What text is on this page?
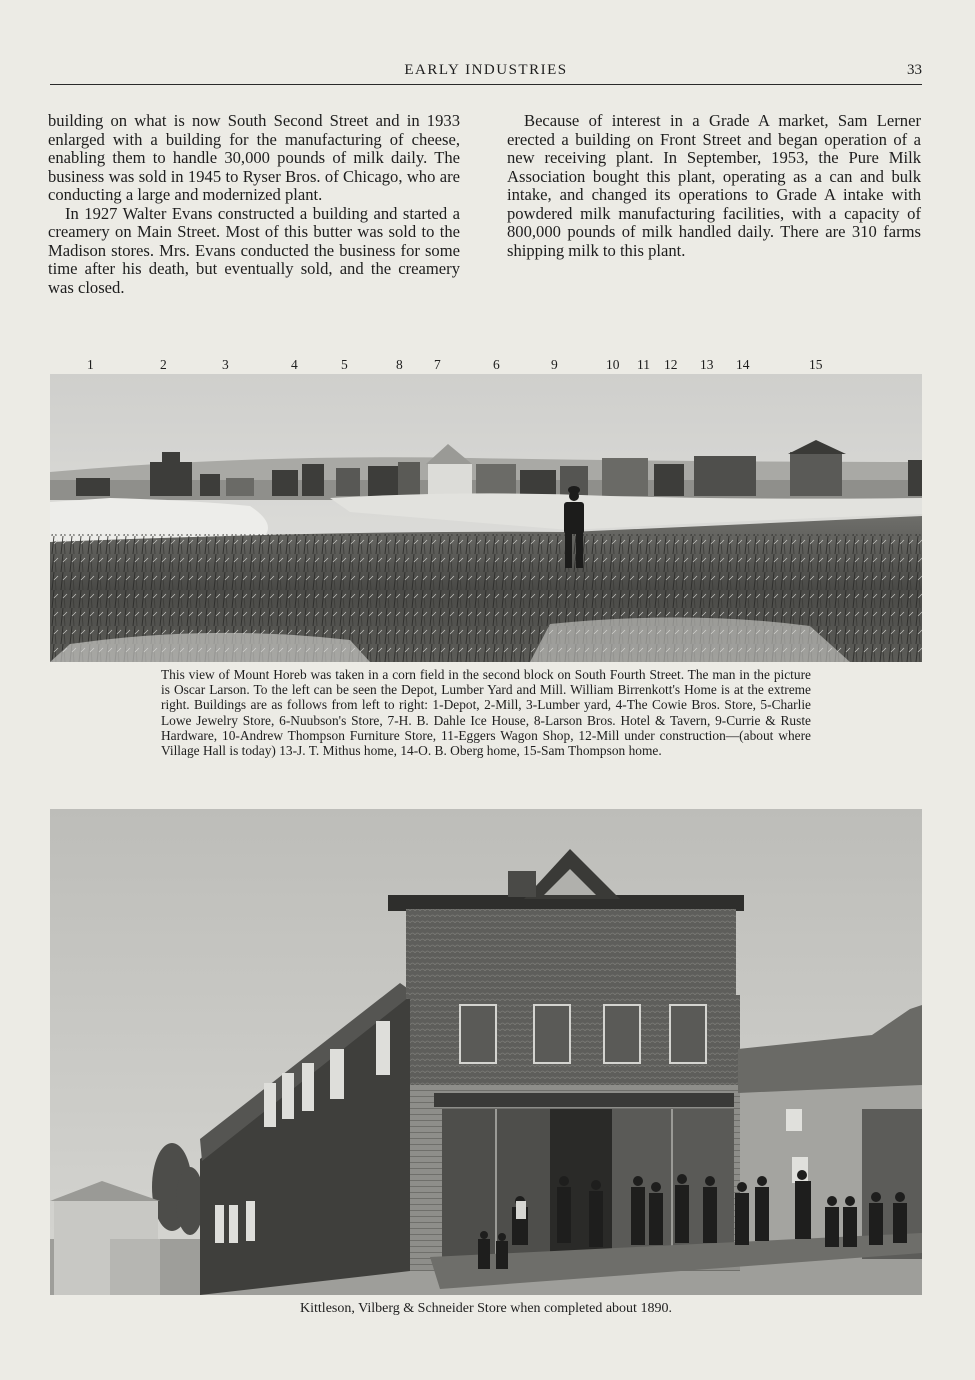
EARLY INDUSTRIES	33

building on what is now South Second Street and in 1933 enlarged with a building for the manufacturing of cheese, enabling them to handle 30,000 pounds of milk daily. The business was sold in 1945 to Ryser Bros. of Chicago, who are conducting a large and modernized plant.

In 1927 Walter Evans constructed a building and started a creamery on Main Street. Most of this butter was sold to the Madison stores. Mrs. Evans conducted the business for some time after his death, but eventually sold, and the creamery was closed.

Because of interest in a Grade A market, Sam Lerner erected a building on Front Street and began operation of a new receiving plant. In September, 1953, the Pure Milk Association bought this plant, operating as a can and bulk intake, and changed its operations to Grade A intake with powdered milk manufacturing facilities, with a capacity of 800,000 pounds of milk handled daily. There are 310 farms shipping milk to this plant.

1	2	3	4	5	8 7	6	9	10 11 12 13 14	15
This view of Mount Horeb was taken in a corn field in the second block on South Fourth Street. The man in the picture is Oscar Larson. To the left can be seen the Depot, Lumber Yard and Mill. William Birrenkott's Home is at the extreme right. Buildings are as follows from left to right: 1-Depot, 2-Mill, 3-Lumber yard, 4-The Cowie Bros. Store, 5-Charlie Lowe Jewelry Store, 6-Nuubson's Store, 7-H. B. Dahle Ice House, 8-Larson Bros. Hotel & Tavern, 9-Currie & Ruste Hardware, 10-Andrew Thompson Furniture Store, 11-Eggers Wagon Shop, 12-Mill under construction—(about where Village Hall is today) 13-J. T. Mithus home, 14-O. B. Oberg home, 15-Sam Thompson home.
Kittleson, Vilberg & Schneider Store when completed about 1890.
